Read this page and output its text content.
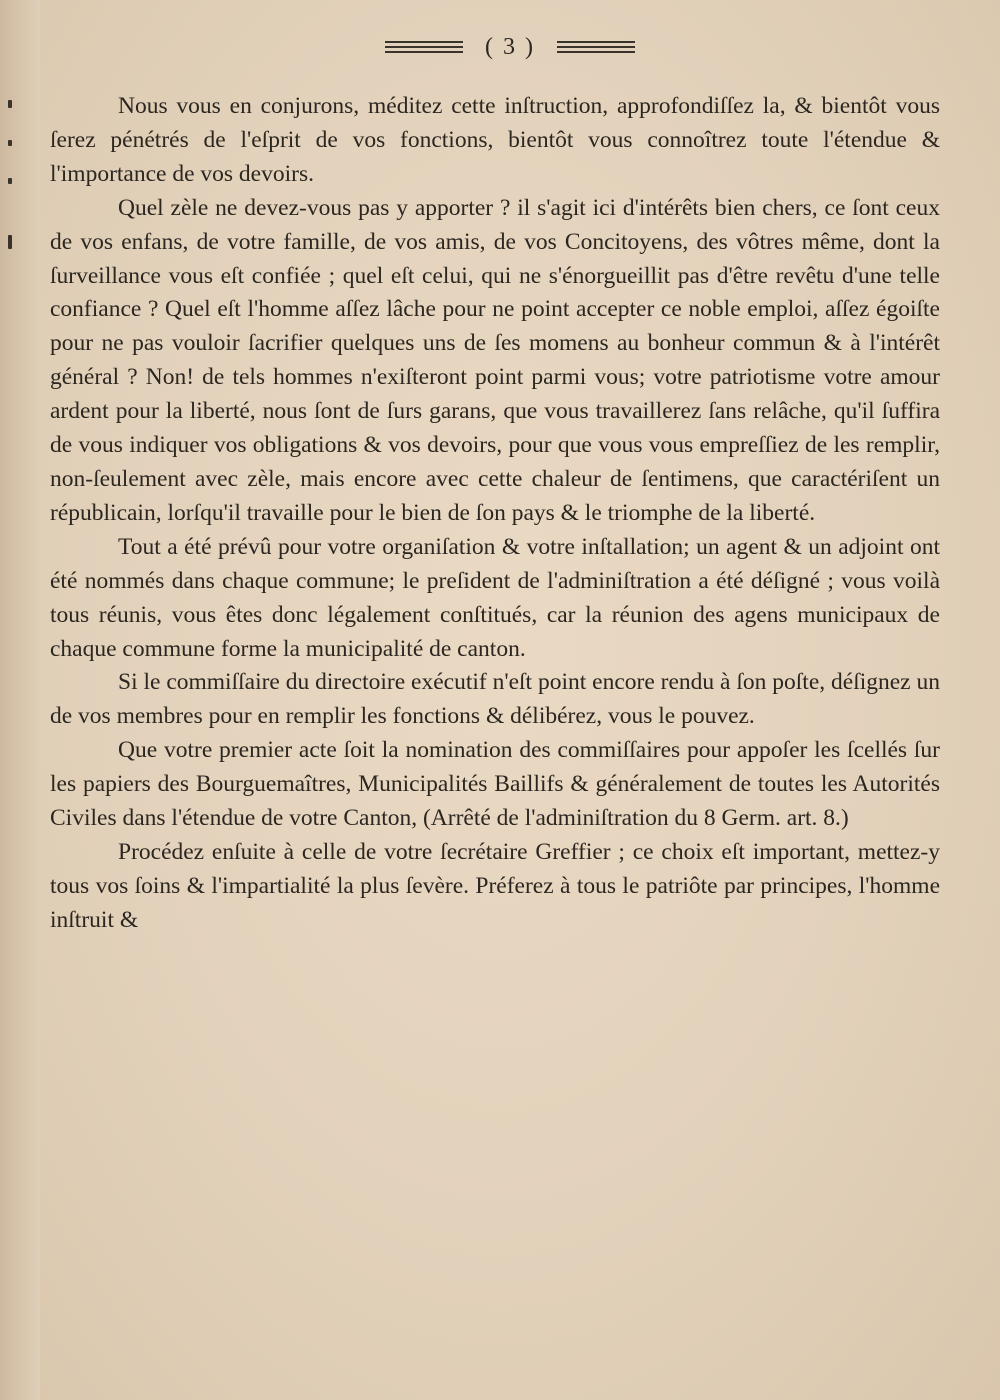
( 3 )

Nous vous en conjurons, méditez cette inſtruction, approfondiſſez la, & bientôt vous ſerez pénétrés de l'eſprit de vos fonctions, bientôt vous connoîtrez toute l'étendue & l'importance de vos devoirs.

Quel zèle ne devez-vous pas y apporter ? il s'agit ici d'intérêts bien chers, ce ſont ceux de vos enfans, de votre famille, de vos amis, de vos Concitoyens, des vôtres même, dont la ſurveillance vous eſt confiée ; quel eſt celui, qui ne s'énorgueillit pas d'être revêtu d'une telle confiance ? Quel eſt l'homme aſſez lâche pour ne point accepter ce noble emploi, aſſez égoiſte pour ne pas vouloir ſacrifier quelques uns de ſes momens au bonheur commun & à l'intérêt général ? Non! de tels hommes n'exiſteront point parmi vous; votre patriotisme votre amour ardent pour la liberté, nous ſont de ſurs garans, que vous travaillerez ſans relâche, qu'il ſuffira de vous indiquer vos obligations & vos devoirs, pour que vous vous empreſſiez de les remplir, non-ſeulement avec zèle, mais encore avec cette chaleur de ſentimens, que caractériſent un républicain, lorſqu'il travaille pour le bien de ſon pays & le triomphe de la liberté.

Tout a été prévû pour votre organiſation & votre inſtallation; un agent & un adjoint ont été nommés dans chaque commune; le preſident de l'adminiſtration a été déſigné ; vous voilà tous réunis, vous êtes donc légalement conſtitués, car la réunion des agens municipaux de chaque commune forme la municipalité de canton.

Si le commiſſaire du directoire exécutif n'eſt point encore rendu à ſon poſte, déſignez un de vos membres pour en remplir les fonctions & délibérez, vous le pouvez.

Que votre premier acte ſoit la nomination des commiſſaires pour appoſer les ſcellés ſur les papiers des Bourguemaîtres, Municipalités Baillifs & généralement de toutes les Autorités Civiles dans l'étendue de votre Canton, (Arrêté de l'adminiſtration du 8 Germ. art. 8.)

Procédez enſuite à celle de votre ſecrétaire Greffier ; ce choix eſt important, mettez-y tous vos ſoins & l'impartialité la plus ſevère. Préferez à tous le patriôte par principes, l'homme inſtruit &
